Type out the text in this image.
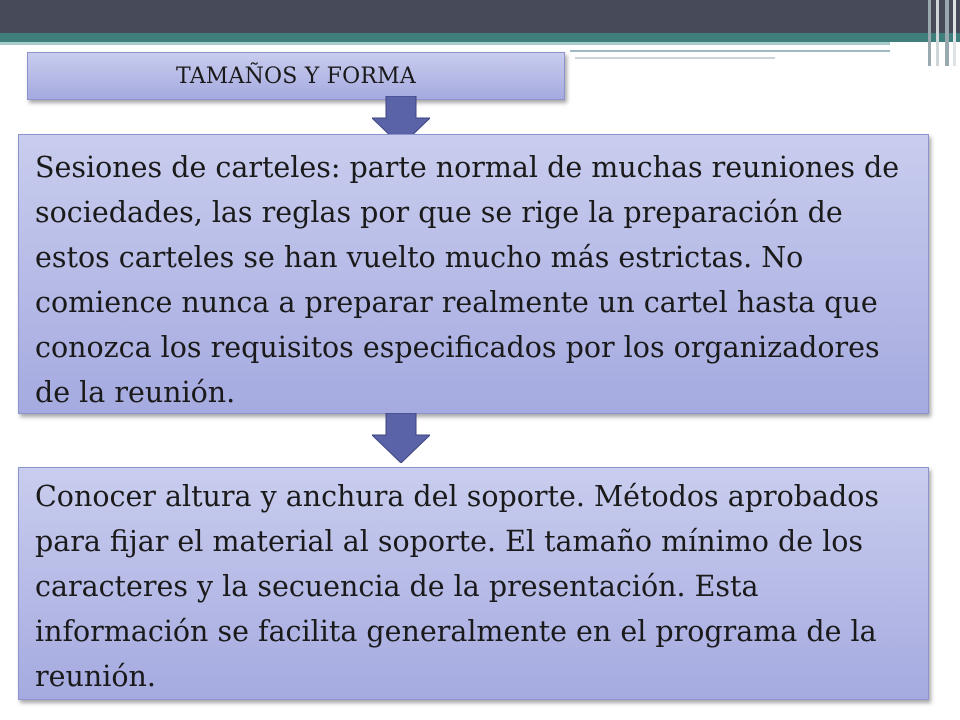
TAMAÑOS Y FORMA
Sesiones de carteles: parte normal de muchas reuniones de sociedades, las reglas por que se rige la preparación de estos carteles se han vuelto mucho más estrictas. No comience nunca a preparar realmente un cartel hasta que conozca los requisitos especificados por los organizadores de la reunión.
Conocer altura y anchura del soporte. Métodos aprobados para fijar el material al soporte. El tamaño mínimo de los caracteres y la secuencia de la presentación. Esta información se facilita generalmente en el programa de la reunión.
